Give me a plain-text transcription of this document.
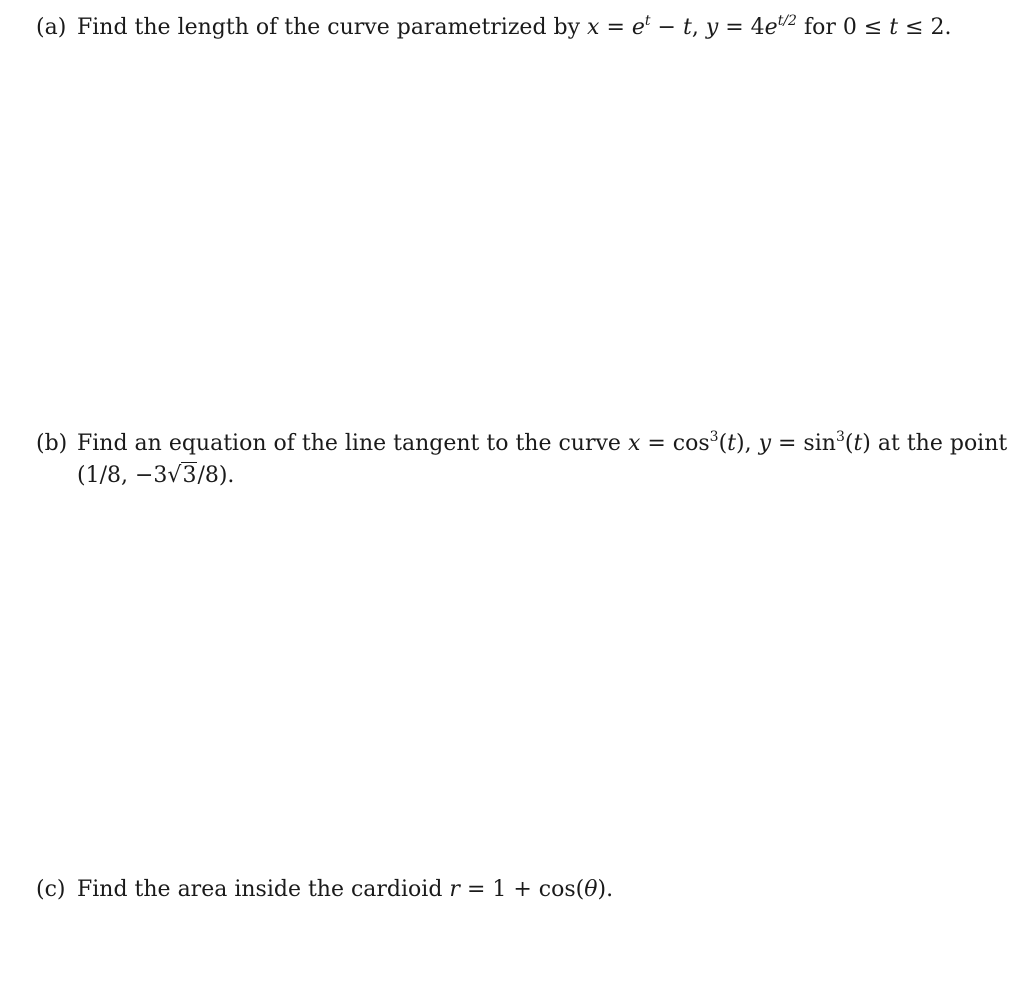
(a) Find the length of the curve parametrized by $x = e^t - t$, $y = 4e^{t/2}$ for 0 ≤ t ≤ 2.
(b) Find an equation of the line tangent to the curve $x = \cos^3(t)$, $y = \sin^3(t)$ at the point
(1/8, −3√3/8).
(c) Find the area inside the cardioid r = 1 + cos(θ).
